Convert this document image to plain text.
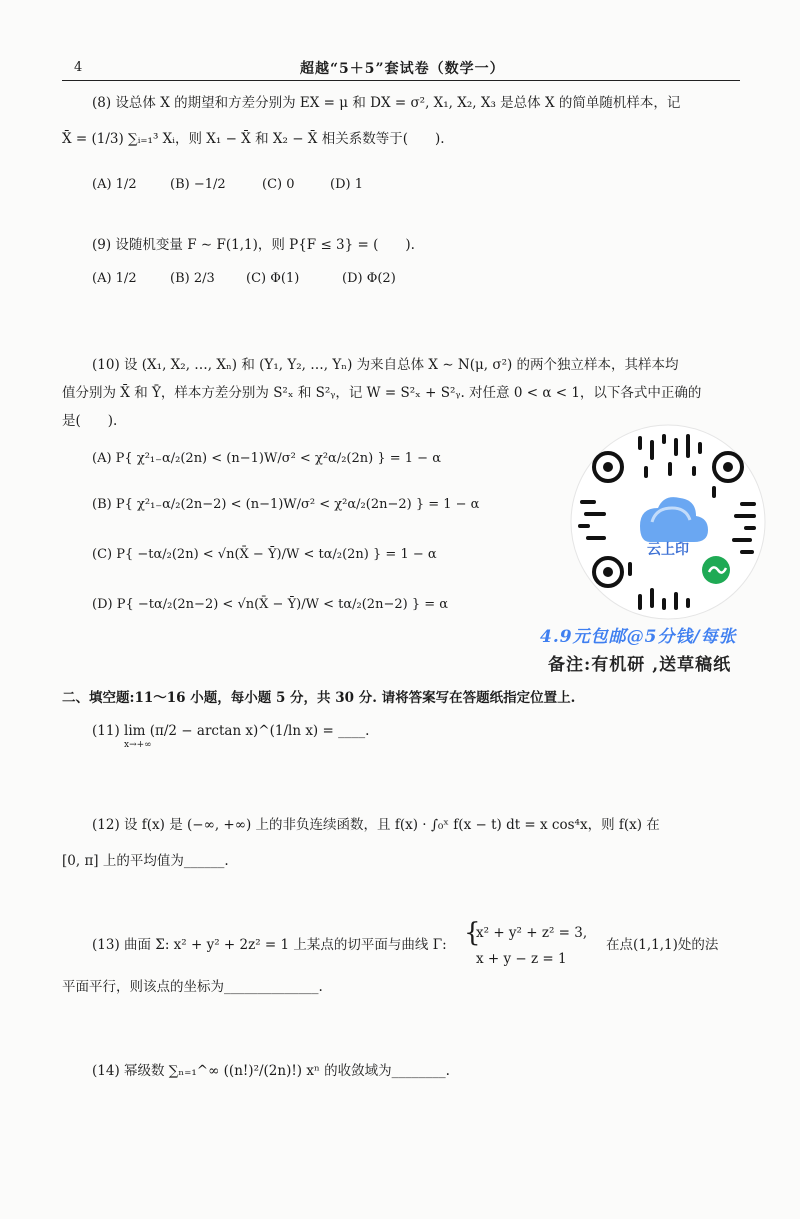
4	超越“5＋5”套试卷（数学一）
(8) 设总体 X 的期望和方差分别为 EX = μ 和 DX = σ², X₁, X₂, X₃ 是总体 X 的简单随机样本，记
X̄ = (1/3) ∑ᵢ₌₁³ Xᵢ，则 X₁ − X̄ 和 X₂ − X̄ 相关系数等于(　　).
(A) 1/2	(B) −1/2	(C) 0	(D) 1
(9) 设随机变量 F ∼ F(1,1)，则 P{F ≤ 3} = (　　).
(A) 1/2	(B) 2/3 (C) Φ(1)	(D) Φ(2)
(10) 设 (X₁, X₂, …, Xₙ) 和 (Y₁, Y₂, …, Yₙ) 为来自总体 X ∼ N(μ, σ²) 的两个独立样本，其样本均
值分别为 X̄ 和 Ȳ，样本方差分别为 S²ₓ 和 S²ᵧ，记 W = S²ₓ + S²ᵧ. 对任意 0 < α < 1，以下各式中正确的
是(　　).
(A) P{ χ²₁₋α/₂(2n) < (n−1)W/σ² < χ²α/₂(2n) } = 1 − α
(B) P{ χ²₁₋α/₂(2n−2) < (n−1)W/σ² < χ²α/₂(2n−2) } = 1 − α
(C) P{ −tα/₂(2n) < √n(X̄ − Ȳ)/W < tα/₂(2n) } = 1 − α
(D) P{ −tα/₂(2n−2) < √n(X̄ − Ȳ)/W < tα/₂(2n−2) } = α
云上印
4.9元包邮@5分钱/每张
备注:有机研 ,送草稿纸
二、填空题:11～16 小题，每小题 5 分，共 30 分. 请将答案写在答题纸指定位置上.
(11) lim (π/2 − arctan x)^(1/ln x) = ____.
x→+∞
(12) 设 f(x) 是 (−∞, +∞) 上的非负连续函数，且 f(x) · ∫₀ˣ f(x − t) dt = x cos⁴x，则 f(x) 在
[0, π] 上的平均值为______.
(13) 曲面 Σ: x² + y² + 2z² = 1 上某点的切平面与曲线 Γ: {
x² + y² + z² = 3,
x + y − z = 1
在点(1,1,1)处的法
平面平行，则该点的坐标为______________.
(14) 幂级数 ∑ₙ₌₁^∞ ((n!)²/(2n)!) xⁿ 的收敛域为________.
